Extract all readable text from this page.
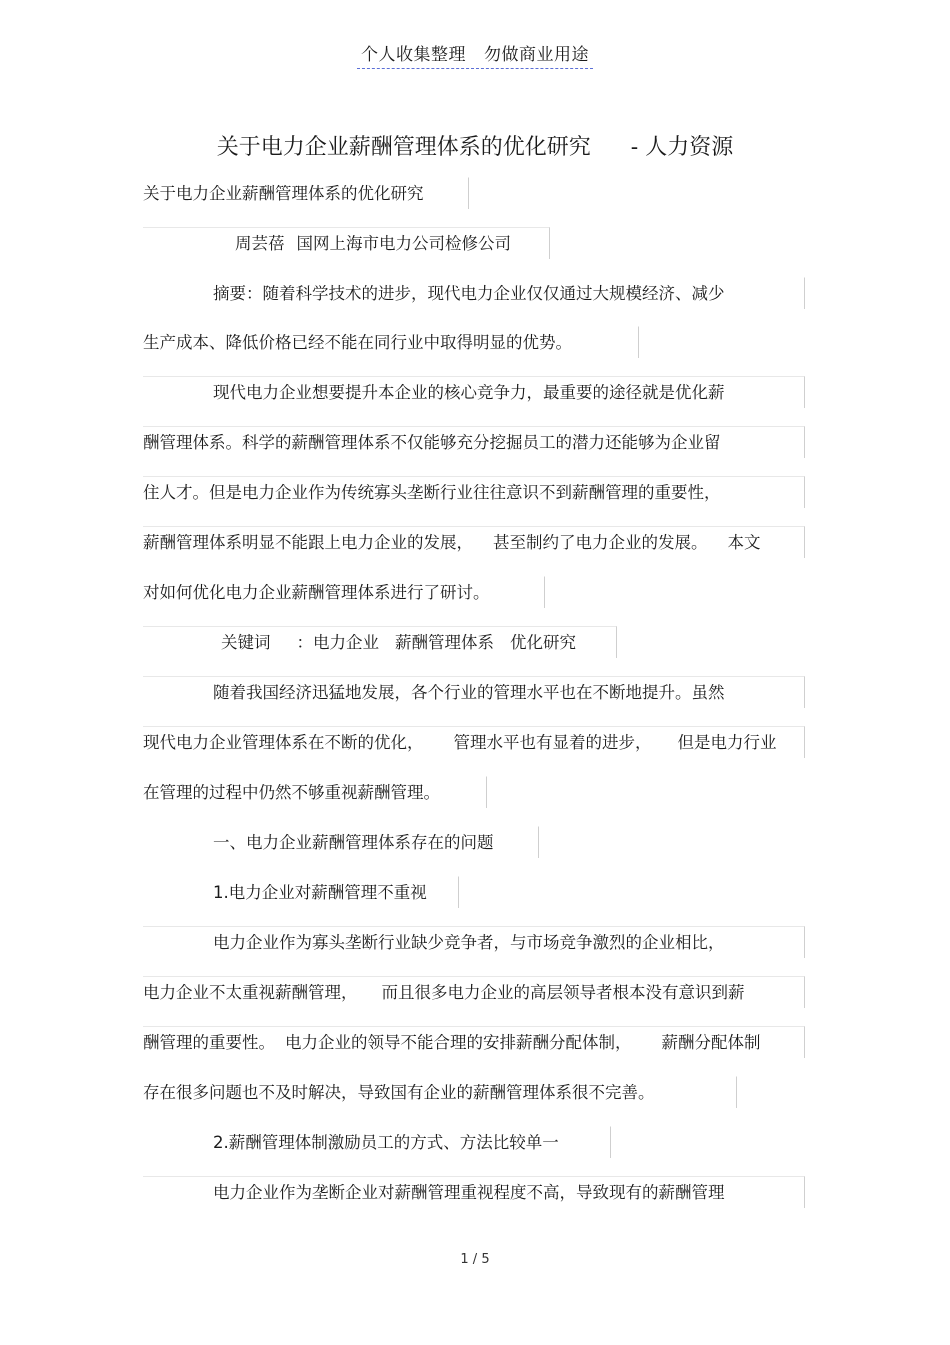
个人收集整理 勿做商业用途
关于电力企业薪酬管理体系的优化研究 - 人力资源
关于电力企业薪酬管理体系的优化研究
周芸蓓 国网上海市电力公司检修公司
摘要：随着科学技术的进步，现代电力企业仅仅通过大规模经济、减少
生产成本、降低价格已经不能在同行业中取得明显的优势。
现代电力企业想要提升本企业的核心竞争力，最重要的途径就是优化薪
酬管理体系。科学的薪酬管理体系不仅能够充分挖掘员工的潜力还能够为企业留
住人才。但是电力企业作为传统寡头垄断行业往往意识不到薪酬管理的重要性，
薪酬管理体系明显不能跟上电力企业的发展， 甚至制约了电力企业的发展。 本文
对如何优化电力企业薪酬管理体系进行了研讨。
关键词 ：电力企业 薪酬管理体系 优化研究
随着我国经济迅猛地发展，各个行业的管理水平也在不断地提升。虽然
现代电力企业管理体系在不断的优化， 管理水平也有显着的进步， 但是电力行业
在管理的过程中仍然不够重视薪酬管理。
一、电力企业薪酬管理体系存在的问题
1.电力企业对薪酬管理不重视
电力企业作为寡头垄断行业缺少竞争者，与市场竞争激烈的企业相比，
电力企业不太重视薪酬管理， 而且很多电力企业的高层领导者根本没有意识到薪
酬管理的重要性。 电力企业的领导不能合理的安排薪酬分配体制， 薪酬分配体制
存在很多问题也不及时解决，导致国有企业的薪酬管理体系很不完善。
2.薪酬管理体制激励员工的方式、方法比较单一
电力企业作为垄断企业对薪酬管理重视程度不高，导致现有的薪酬管理
1 / 5
